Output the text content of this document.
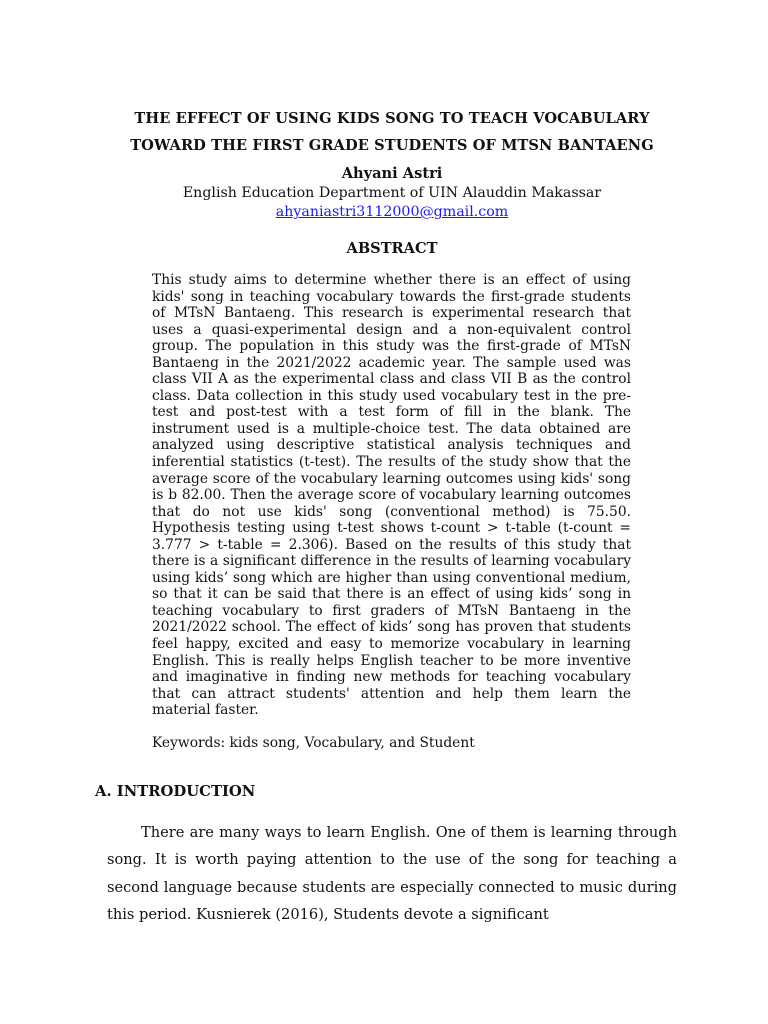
THE EFFECT OF USING KIDS SONG TO TEACH VOCABULARY
TOWARD THE FIRST GRADE STUDENTS OF MTSN BANTAENG
Ahyani Astri
English Education Department of UIN Alauddin Makassar
ahyaniastri3112000@gmail.com
ABSTRACT
This study aims to determine whether there is an effect of using kids' song in teaching vocabulary towards the first-grade students of MTsN Bantaeng. This research is experimental research that uses a quasi-experimental design and a non-equivalent control group. The population in this study was the first-grade of MTsN Bantaeng in the 2021/2022 academic year. The sample used was class VII A as the experimental class and class VII B as the control class. Data collection in this study used vocabulary test in the pre-test and post-test with a test form of fill in the blank. The instrument used is a multiple-choice test. The data obtained are analyzed using descriptive statistical analysis techniques and inferential statistics (t-test). The results of the study show that the average score of the vocabulary learning outcomes using kids' song is b 82.00. Then the average score of vocabulary learning outcomes that do not use kids' song (conventional method) is 75.50. Hypothesis testing using t-test shows t-count > t-table (t-count = 3.777 > t-table = 2.306). Based on the results of this study that there is a significant difference in the results of learning vocabulary using kids’ song which are higher than using conventional medium, so that it can be said that there is an effect of using kids’ song in teaching vocabulary to first graders of MTsN Bantaeng in the 2021/2022 school. The effect of kids’ song has proven that students feel happy, excited and easy to memorize vocabulary in learning English. This is really helps English teacher to be more inventive and imaginative in finding new methods for teaching vocabulary that can attract students' attention and help them learn the material faster.
Keywords: kids song, Vocabulary, and Student
A. INTRODUCTION
There are many ways to learn English. One of them is learning through song. It is worth paying attention to the use of the song for teaching a second language because students are especially connected to music during this period. Kusnierek (2016), Students devote a significant
